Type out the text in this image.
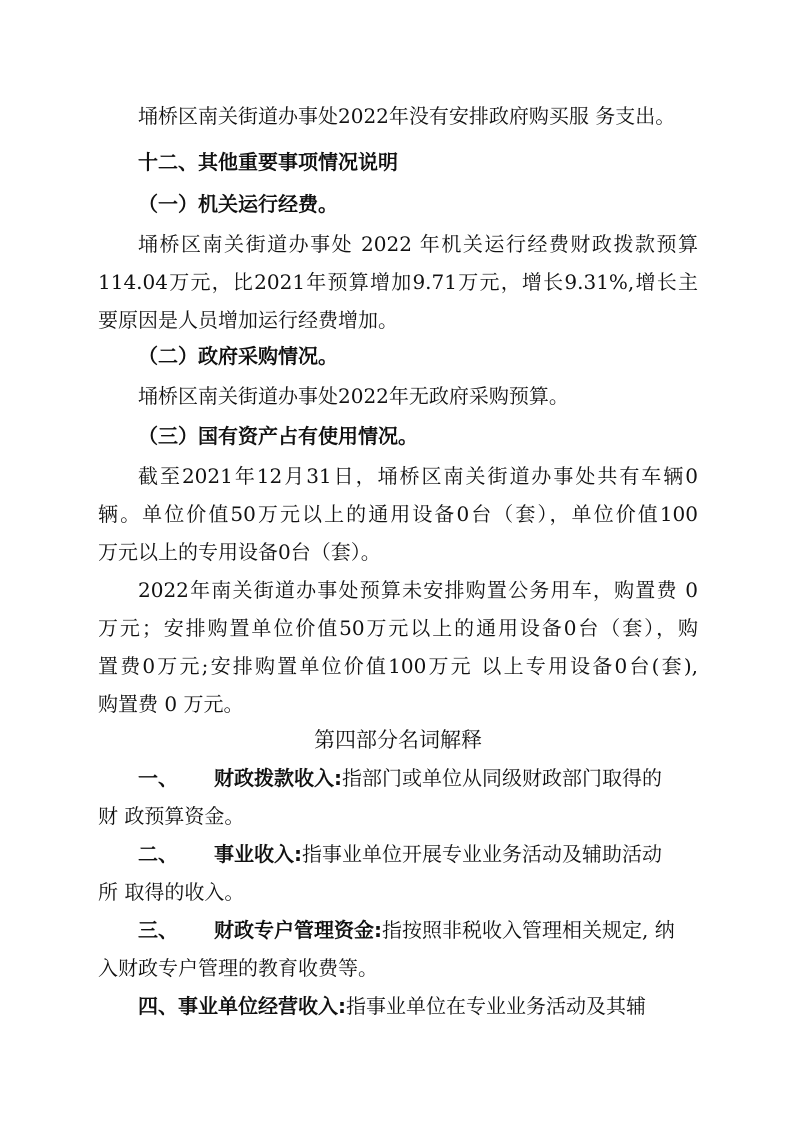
埇桥区南关街道办事处2022年没有安排政府购买服 务支出。
十二、其他重要事项情况说明
（一）机关运行经费。
埇桥区南关街道办事处 2022 年机关运行经费财政拨款预算
114.04万元，比2021年预算增加9.71万元，增长9.31%,增长主
要原因是人员增加运行经费增加。
（二）政府采购情况。
埇桥区南关街道办事处2022年无政府采购预算。
（三）国有资产占有使用情况。
截至2021年12月31日，埇桥区南关街道办事处共有车辆0
辆。单位价值50万元以上的通用设备0台（套），单位价值100
万元以上的专用设备0台（套）。
2022年南关街道办事处预算未安排购置公务用车，购置费 0
万元；安排购置单位价值50万元以上的通用设备0台（套），购
置费0万元;安排购置单位价值100万元 以上专用设备0台(套),
购置费 0 万元。
第四部分名词解释
一、 财政拨款收入:指部门或单位从同级财政部门取得的
财 政预算资金。
二、 事业收入:指事业单位开展专业业务活动及辅助活动
所 取得的收入。
三、 财政专户管理资金:指按照非税收入管理相关规定, 纳
入财政专户管理的教育收费等。
四、事业单位经营收入:指事业单位在专业业务活动及其辅
